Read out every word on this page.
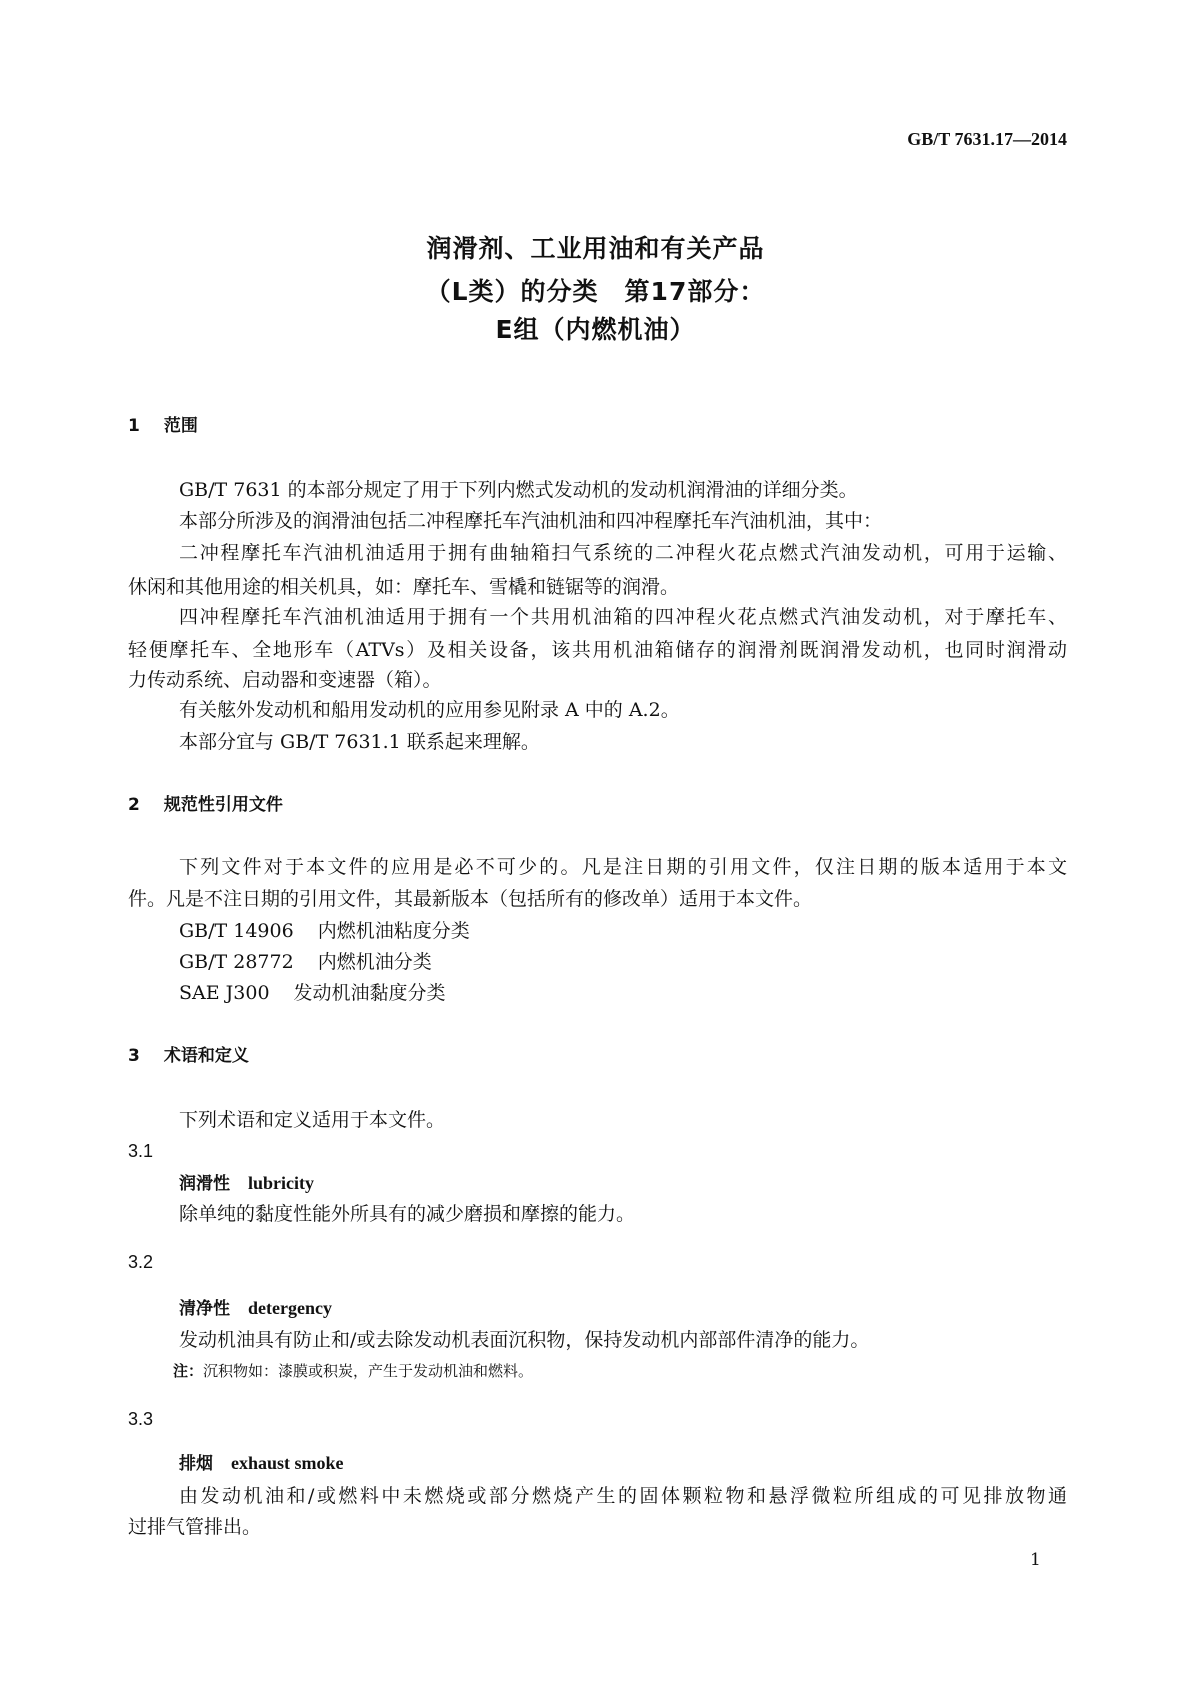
GB/T 7631.17—2014
润滑剂、工业用油和有关产品
（L类）的分类　第17部分：
E组（内燃机油）
1 范围
GB/T 7631 的本部分规定了用于下列内燃式发动机的发动机润滑油的详细分类。
本部分所涉及的润滑油包括二冲程摩托车汽油机油和四冲程摩托车汽油机油，其中：
二冲程摩托车汽油机油适用于拥有曲轴箱扫气系统的二冲程火花点燃式汽油发动机，可用于运输、
休闲和其他用途的相关机具，如：摩托车、雪橇和链锯等的润滑。
四冲程摩托车汽油机油适用于拥有一个共用机油箱的四冲程火花点燃式汽油发动机，对于摩托车、
轻便摩托车、全地形车（ATVs）及相关设备，该共用机油箱储存的润滑剂既润滑发动机，也同时润滑动
力传动系统、启动器和变速器（箱）。
有关舷外发动机和船用发动机的应用参见附录 A 中的 A.2。
本部分宜与 GB/T 7631.1 联系起来理解。
2 规范性引用文件
下列文件对于本文件的应用是必不可少的。凡是注日期的引用文件，仅注日期的版本适用于本文
件。凡是不注日期的引用文件，其最新版本（包括所有的修改单）适用于本文件。
GB/T 14906 内燃机油粘度分类
GB/T 28772 内燃机油分类
SAE J300 发动机油黏度分类
3 术语和定义
下列术语和定义适用于本文件。
3.1
润滑性 lubricity
除单纯的黏度性能外所具有的减少磨损和摩擦的能力。
3.2
清净性 detergency
发动机油具有防止和/或去除发动机表面沉积物，保持发动机内部部件清净的能力。
注：沉积物如：漆膜或积炭，产生于发动机油和燃料。
3.3
排烟 exhaust smoke
由发动机油和/或燃料中未燃烧或部分燃烧产生的固体颗粒物和悬浮微粒所组成的可见排放物通
过排气管排出。
1
